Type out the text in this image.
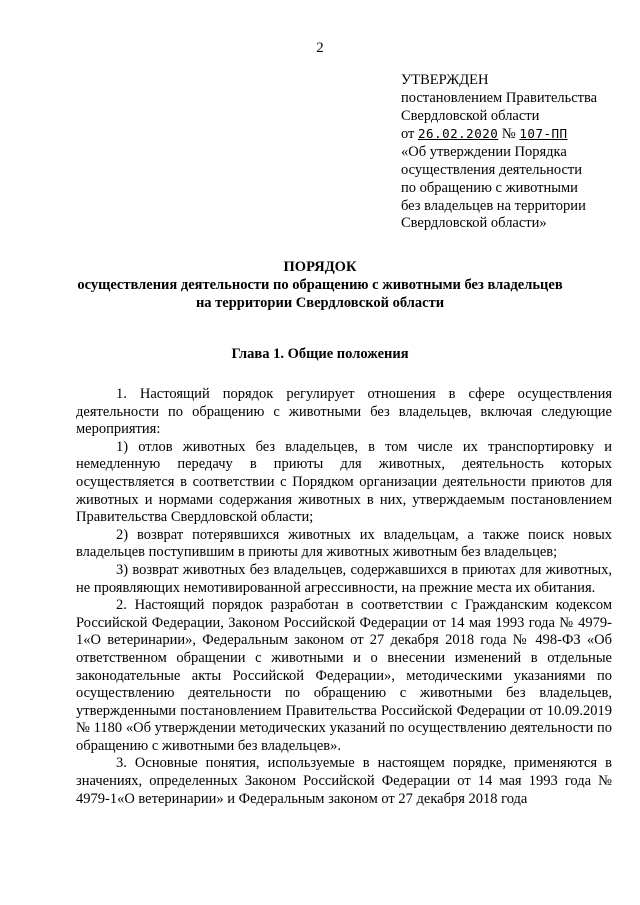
2
УТВЕРЖДЕН
постановлением Правительства
Свердловской области
от 26.02.2020 № 107-ПП
«Об утверждении Порядка
осуществления деятельности
по обращению с животными
без владельцев на территории
Свердловской области»
ПОРЯДОК
осуществления деятельности по обращению с животными без владельцев
на территории Свердловской области
Глава 1. Общие положения

1. Настоящий порядок регулирует отношения в сфере осуществления деятельности по обращению с животными без владельцев, включая следующие мероприятия:

1) отлов животных без владельцев, в том числе их транспортировку и немедленную передачу в приюты для животных, деятельность которых осуществляется в соответствии с Порядком организации деятельности приютов для животных и нормами содержания животных в них, утверждаемым постановлением Правительства Свердловской области;

2) возврат потерявшихся животных их владельцам, а также поиск новых владельцев поступившим в приюты для животных животным без владельцев;

3) возврат животных без владельцев, содержавшихся в приютах для животных, не проявляющих немотивированной агрессивности, на прежние места их обитания.

2. Настоящий порядок разработан в соответствии с Гражданским кодексом Российской Федерации, Законом Российской Федерации от 14 мая 1993 года № 4979-1«О ветеринарии», Федеральным законом от 27 декабря 2018 года № 498-ФЗ «Об ответственном обращении с животными и о внесении изменений в отдельные законодательные акты Российской Федерации», методическими указаниями по осуществлению деятельности по обращению с животными без владельцев, утвержденными постановлением Правительства Российской Федерации от 10.09.2019 № 1180 «Об утверждении методических указаний по осуществлению деятельности по обращению с животными без владельцев».

3. Основные понятия, используемые в настоящем порядке, применяются в значениях, определенных Законом Российской Федерации от 14 мая 1993 года № 4979-1«О ветеринарии» и Федеральным законом от 27 декабря 2018 года
